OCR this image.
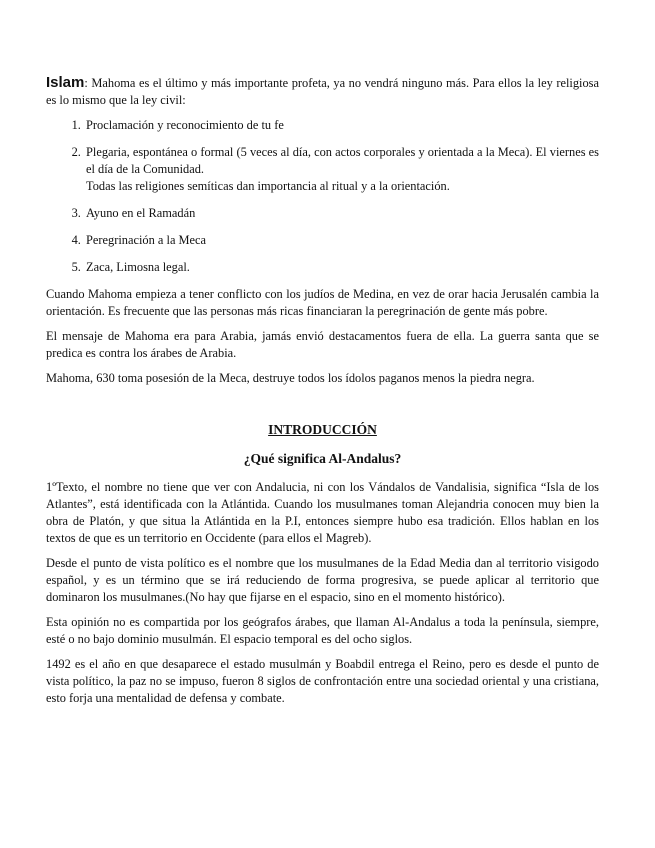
Islam: Mahoma es el último y más importante profeta, ya no vendrá ninguno más. Para ellos la ley religiosa es lo mismo que la ley civil:

1. Proclamación y reconocimiento de tu fe
2. Plegaria, espontánea o formal (5 veces al día, con actos corporales y orientada a la Meca). El viernes es el día de la Comunidad.
Todas las religiones semíticas dan importancia al ritual y a la orientación.
3. Ayuno en el Ramadán
4. Peregrinación a la Meca
5. Zaca, Limosna legal.

Cuando Mahoma empieza a tener conflicto con los judíos de Medina, en vez de orar hacia Jerusalén cambia la orientación. Es frecuente que las personas más ricas financiaran la peregrinación de gente más pobre.

El mensaje de Mahoma era para Arabia, jamás envió destacamentos fuera de ella. La guerra santa que se predica es contra los árabes de Arabia.

Mahoma, 630 toma posesión de la Meca, destruye todos los ídolos paganos menos la piedra negra.

INTRODUCCIÓN
¿Qué significa Al-Andalus?

1ºTexto, el nombre no tiene que ver con Andalucia, ni con los Vándalos de Vandalisia, significa “Isla de los Atlantes”, está identificada con la Atlántida. Cuando los musulmanes toman Alejandria conocen muy bien la obra de Platón, y que situa la Atlántida en la P.I, entonces siempre hubo esa tradición. Ellos hablan en los textos de que es un territorio en Occidente (para ellos el Magreb).

Desde el punto de vista político es el nombre que los musulmanes de la Edad Media dan al territorio visigodo español, y es un término que se irá reduciendo de forma progresiva, se puede aplicar al territorio que dominaron los musulmanes.(No hay que fijarse en el espacio, sino en el momento histórico).

Esta opinión no es compartida por los geógrafos árabes, que llaman Al-Andalus a toda la península, siempre, esté o no bajo dominio musulmán. El espacio temporal es del ocho siglos.

1492 es el año en que desaparece el estado musulmán y Boabdil entrega el Reino, pero es desde el punto de vista político, la paz no se impuso, fueron 8 siglos de confrontación entre una sociedad oriental y una cristiana, esto forja una mentalidad de defensa y combate.
